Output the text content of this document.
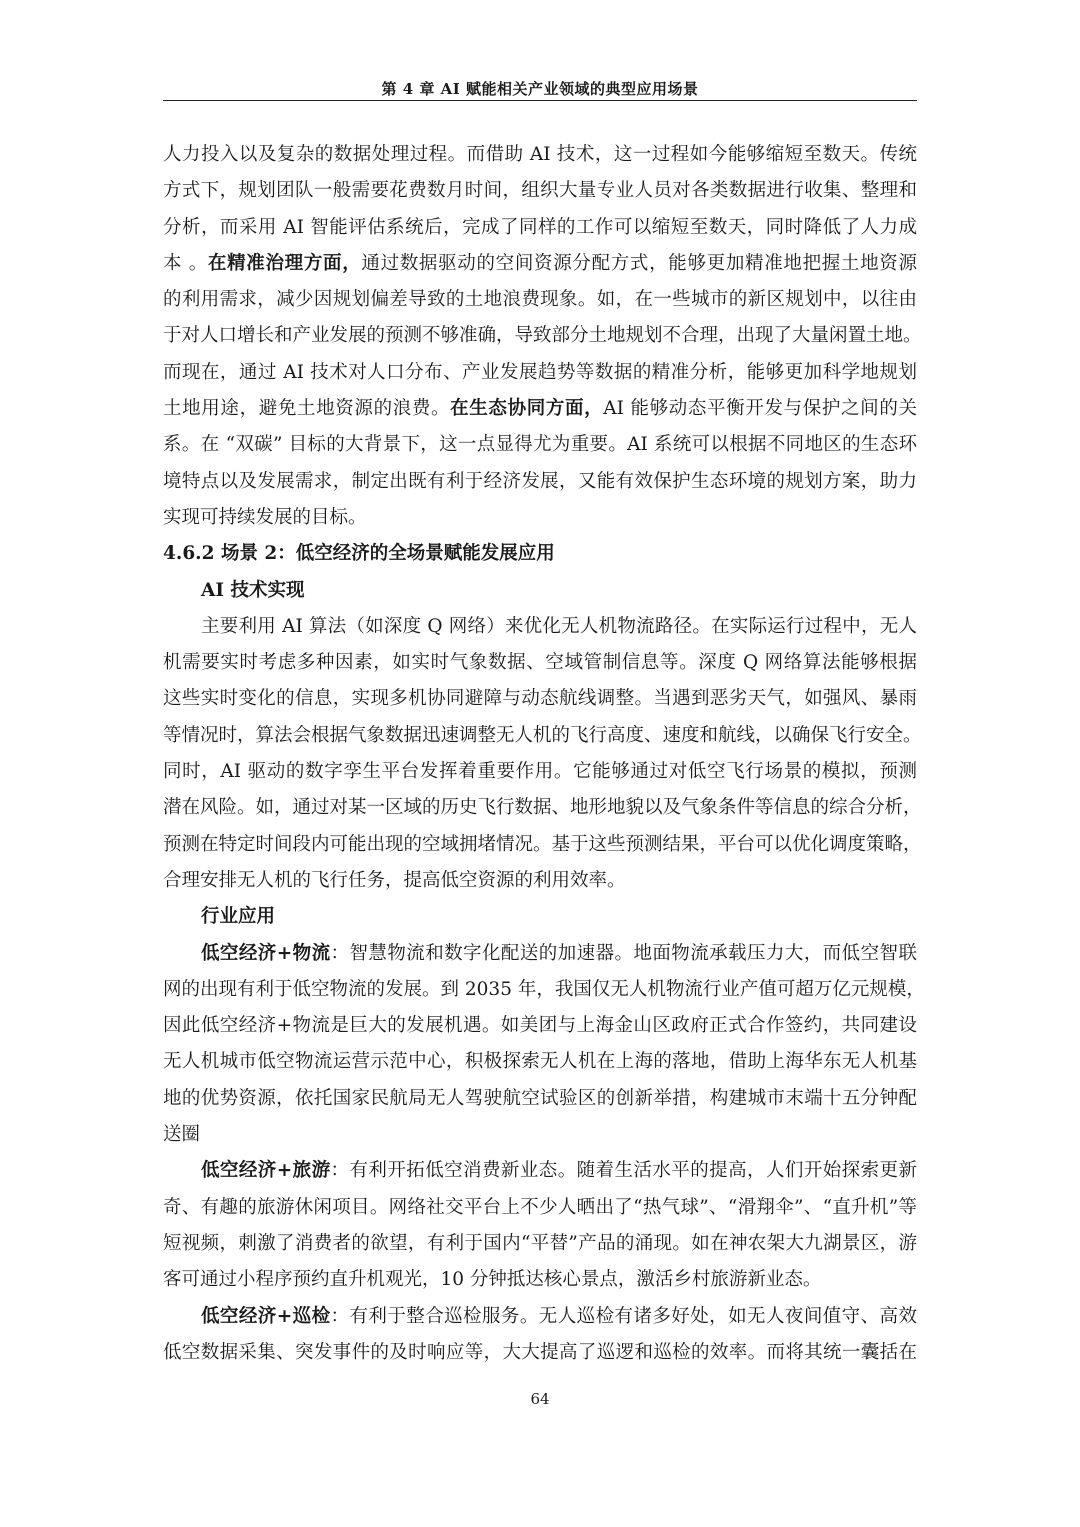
第 4 章 AI 赋能相关产业领域的典型应用场景
人力投入以及复杂的数据处理过程。而借助 AI 技术，这一过程如今能够缩短至数天。传统
方式下，规划团队一般需要花费数月时间，组织大量专业人员对各类数据进行收集、整理和
分析，而采用 AI 智能评估系统后，完成了同样的工作可以缩短至数天，同时降低了人力成
本 。在精准治理方面，通过数据驱动的空间资源分配方式，能够更加精准地把握土地资源
的利用需求，减少因规划偏差导致的土地浪费现象。如，在一些城市的新区规划中，以往由
于对人口增长和产业发展的预测不够准确，导致部分土地规划不合理，出现了大量闲置土地。
而现在，通过 AI 技术对人口分布、产业发展趋势等数据的精准分析，能够更加科学地规划
土地用途，避免土地资源的浪费。在生态协同方面，AI 能够动态平衡开发与保护之间的关
系。在 “双碳” 目标的大背景下，这一点显得尤为重要。AI 系统可以根据不同地区的生态环
境特点以及发展需求，制定出既有利于经济发展，又能有效保护生态环境的规划方案，助力
实现可持续发展的目标。
4.6.2 场景 2：低空经济的全场景赋能发展应用
AI 技术实现
主要利用 AI 算法（如深度 Q 网络）来优化无人机物流路径。在实际运行过程中，无人
机需要实时考虑多种因素，如实时气象数据、空域管制信息等。深度 Q 网络算法能够根据
这些实时变化的信息，实现多机协同避障与动态航线调整。当遇到恶劣天气，如强风、暴雨
等情况时，算法会根据气象数据迅速调整无人机的飞行高度、速度和航线，以确保飞行安全。
同时，AI 驱动的数字孪生平台发挥着重要作用。它能够通过对低空飞行场景的模拟，预测
潜在风险。如，通过对某一区域的历史飞行数据、地形地貌以及气象条件等信息的综合分析，
预测在特定时间段内可能出现的空域拥堵情况。基于这些预测结果，平台可以优化调度策略，
合理安排无人机的飞行任务，提高低空资源的利用效率。
行业应用
低空经济+物流：智慧物流和数字化配送的加速器。地面物流承载压力大，而低空智联
网的出现有利于低空物流的发展。到 2035 年，我国仅无人机物流行业产值可超万亿元规模，
因此低空经济+物流是巨大的发展机遇。如美团与上海金山区政府正式合作签约，共同建设
无人机城市低空物流运营示范中心，积极探索无人机在上海的落地，借助上海华东无人机基
地的优势资源，依托国家民航局无人驾驶航空试验区的创新举措，构建城市末端十五分钟配
送圈
低空经济+旅游：有利开拓低空消费新业态。随着生活水平的提高，人们开始探索更新
奇、有趣的旅游休闲项目。网络社交平台上不少人晒出了“热气球”、“滑翔伞”、“直升机”等
短视频，刺激了消费者的欲望，有利于国内“平替”产品的涌现。如在神农架大九湖景区，游
客可通过小程序预约直升机观光，10 分钟抵达核心景点，激活乡村旅游新业态。
低空经济+巡检：有利于整合巡检服务。无人巡检有诸多好处，如无人夜间值守、高效
低空数据采集、突发事件的及时响应等，大大提高了巡逻和巡检的效率。而将其统一囊括在
64
